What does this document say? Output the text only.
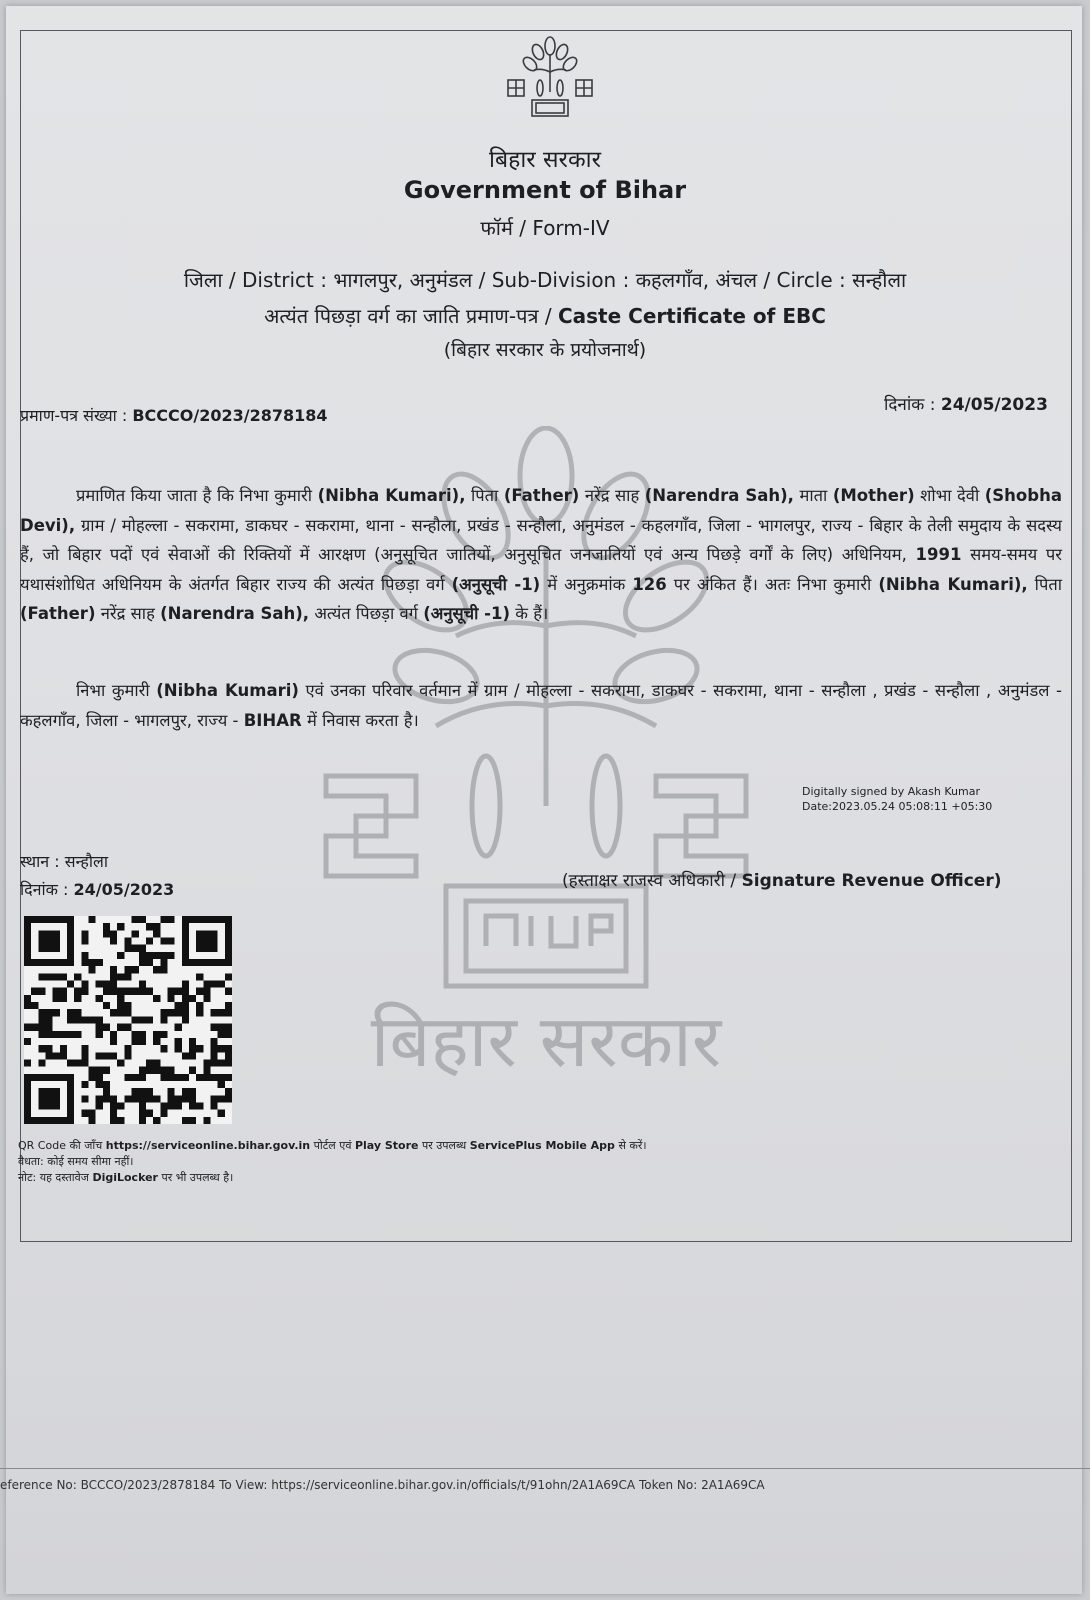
बिहार सरकार
बिहार सरकार
Government of Bihar
फॉर्म / Form-IV
जिला / District : भागलपुर, अनुमंडल / Sub-Division : कहलगाँव, अंचल / Circle : सन्हौला
अत्यंत पिछड़ा वर्ग का जाति प्रमाण-पत्र / Caste Certificate of EBC
(बिहार सरकार के प्रयोजनार्थ)
प्रमाण-पत्र संख्या : BCCCO/2023/2878184
दिनांक : 24/05/2023
प्रमाणित किया जाता है कि निभा कुमारी (Nibha Kumari), पिता (Father) नरेंद्र साह (Narendra Sah), माता (Mother) शोभा देवी (Shobha Devi), ग्राम / मोहल्ला - सकरामा, डाकघर - सकरामा, थाना - सन्हौला, प्रखंड - सन्हौला, अनुमंडल - कहलगाँव, जिला - भागलपुर, राज्य - बिहार के तेली समुदाय के सदस्य हैं, जो बिहार पदों एवं सेवाओं की रिक्तियों में आरक्षण (अनुसूचित जातियों, अनुसूचित जनजातियों एवं अन्य पिछड़े वर्गों के लिए) अधिनियम, 1991 समय-समय पर यथासंशोधित अधिनियम के अंतर्गत बिहार राज्य की अत्यंत पिछड़ा वर्ग (अनुसूची -1) में अनुक्रमांक 126 पर अंकित हैं। अतः निभा कुमारी (Nibha Kumari), पिता (Father) नरेंद्र साह (Narendra Sah), अत्यंत पिछड़ा वर्ग (अनुसूची -1) के हैं।
निभा कुमारी (Nibha Kumari) एवं उनका परिवार वर्तमान में ग्राम / मोहल्ला - सकरामा, डाकघर - सकरामा, थाना - सन्हौला , प्रखंड - सन्हौला , अनुमंडल - कहलगाँव, जिला - भागलपुर, राज्य - BIHAR में निवास करता है।
Digitally signed by Akash Kumar
Date:2023.05.24 05:08:11 +05:30
स्थान : सन्हौला
दिनांक : 24/05/2023	(हस्ताक्षर राजस्व अधिकारी / Signature Revenue Officer)
QR Code की जाँच https://serviceonline.bihar.gov.in पोर्टल एवं Play Store पर उपलब्ध ServicePlus Mobile App से करें।
वैधता: कोई समय सीमा नहीं।
नोट: यह दस्तावेज DigiLocker पर भी उपलब्ध है।
eference No: BCCCO/2023/2878184 To View: https://serviceonline.bihar.gov.in/officials/t/91ohn/2A1A69CA Token No: 2A1A69CA
